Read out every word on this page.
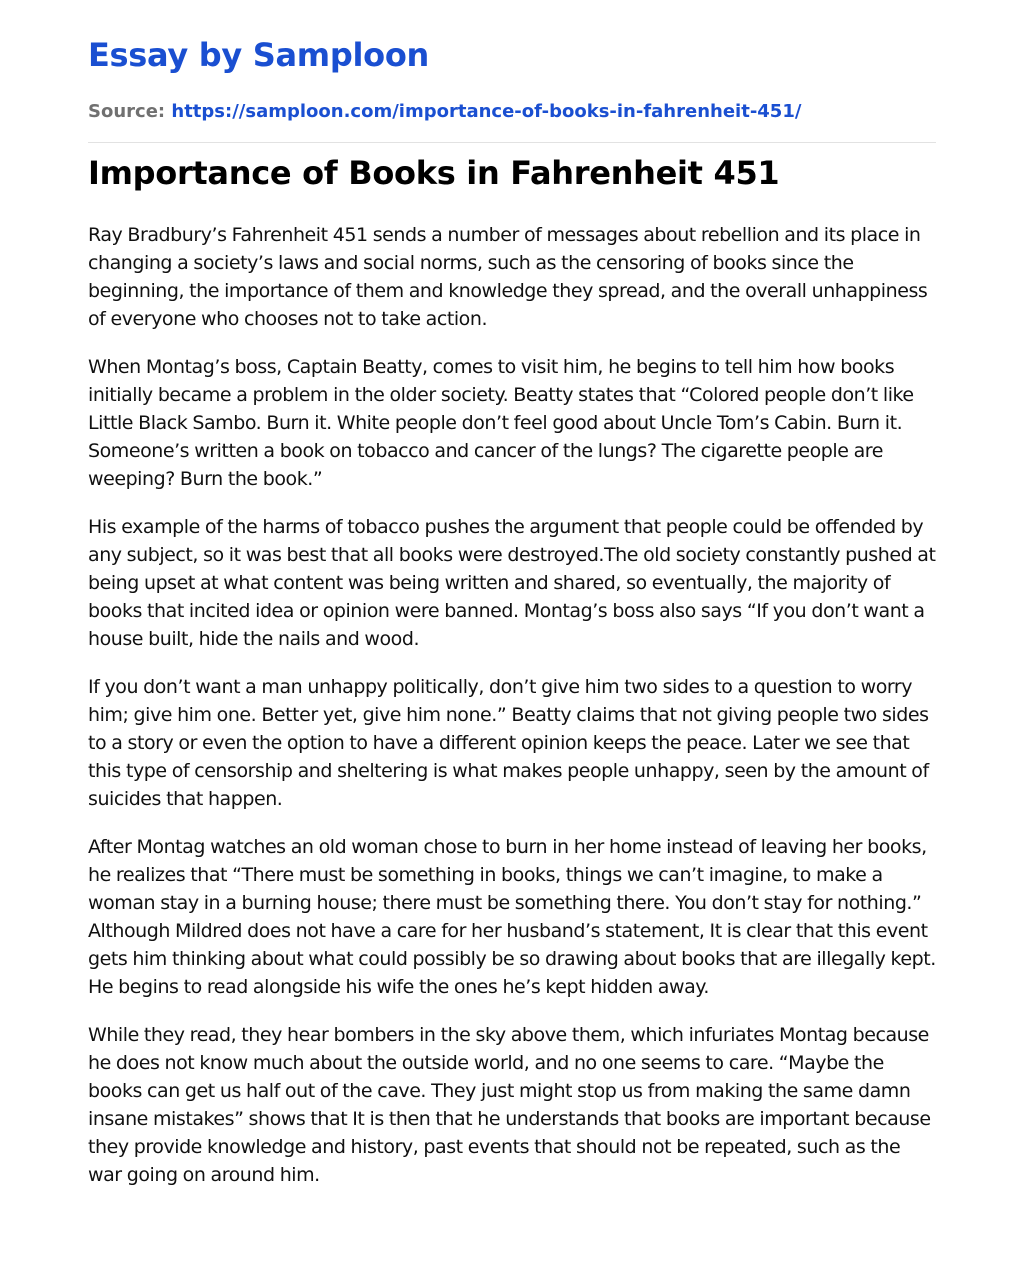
Essay by Samploon
Source: https://samploon.com/importance-of-books-in-fahrenheit-451/
Importance of Books in Fahrenheit 451

Ray Bradbury’s Fahrenheit 451 sends a number of messages about rebellion and its place in changing a society’s laws and social norms, such as the censoring of books since the beginning, the importance of them and knowledge they spread, and the overall unhappiness of everyone who chooses not to take action.

When Montag’s boss, Captain Beatty, comes to visit him, he begins to tell him how books initially became a problem in the older society. Beatty states that “Colored people don’t like Little Black Sambo. Burn it. White people don’t feel good about Uncle Tom’s Cabin. Burn it. Someone’s written a book on tobacco and cancer of the lungs? The cigarette people are weeping? Burn the book.”

His example of the harms of tobacco pushes the argument that people could be offended by any subject, so it was best that all books were destroyed.The old society constantly pushed at being upset at what content was being written and shared, so eventually, the majority of books that incited idea or opinion were banned. Montag’s boss also says “If you don’t want a house built, hide the nails and wood.

If you don’t want a man unhappy politically, don’t give him two sides to a question to worry him; give him one. Better yet, give him none.” Beatty claims that not giving people two sides to a story or even the option to have a different opinion keeps the peace. Later we see that this type of censorship and sheltering is what makes people unhappy, seen by the amount of suicides that happen.

After Montag watches an old woman chose to burn in her home instead of leaving her books, he realizes that “There must be something in books, things we can’t imagine, to make a woman stay in a burning house; there must be something there. You don’t stay for nothing.” Although Mildred does not have a care for her husband’s statement, It is clear that this event gets him thinking about what could possibly be so drawing about books that are illegally kept. He begins to read alongside his wife the ones he’s kept hidden away.

While they read, they hear bombers in the sky above them, which infuriates Montag because he does not know much about the outside world, and no one seems to care. “Maybe the books can get us half out of the cave. They just might stop us from making the same damn insane mistakes” shows that It is then that he understands that books are important because they provide knowledge and history, past events that should not be repeated, such as the war going on around him.
